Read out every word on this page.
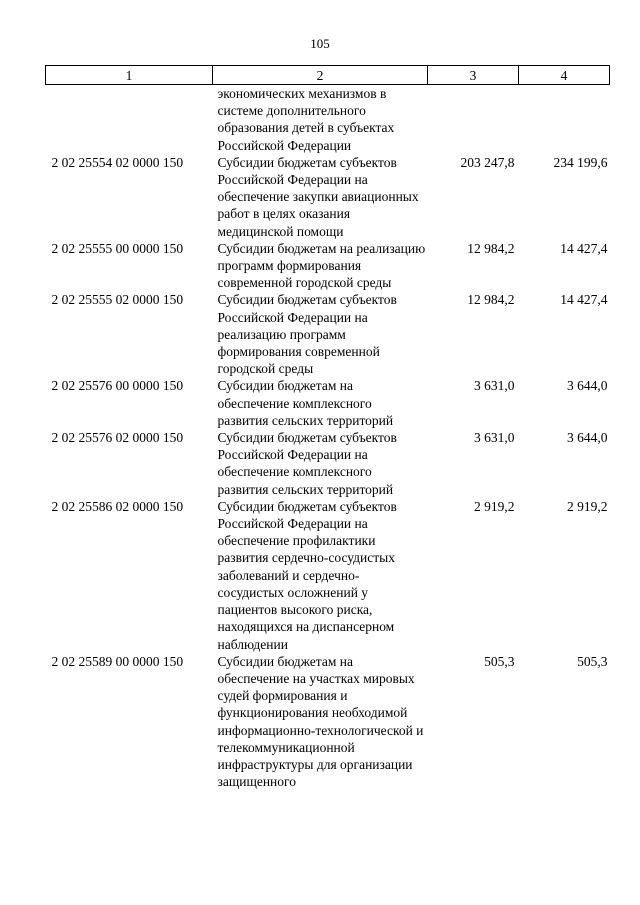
105
1	2	3	4
	экономических механизмов в системе дополнительного образования детей в субъектах Российской Федерации		
2 02 25554 02 0000 150	Субсидии бюджетам субъектов Российской Федерации на обеспечение закупки авиационных работ в целях оказания медицинской помощи	203 247,8	234 199,6
2 02 25555 00 0000 150	Субсидии бюджетам на реализацию программ формирования современной городской среды	12 984,2	14 427,4
2 02 25555 02 0000 150	Субсидии бюджетам субъектов Российской Федерации на реализацию программ формирования современной городской среды	12 984,2	14 427,4
2 02 25576 00 0000 150	Субсидии бюджетам на обеспечение комплексного развития сельских территорий	3 631,0	3 644,0
2 02 25576 02 0000 150	Субсидии бюджетам субъектов Российской Федерации на обеспечение комплексного развития сельских территорий	3 631,0	3 644,0
2 02 25586 02 0000 150	Субсидии бюджетам субъектов Российской Федерации на обеспечение профилактики развития сердечно-сосудистых заболеваний и сердечно-сосудистых осложнений у пациентов высокого риска, находящихся на диспансерном наблюдении	2 919,2	2 919,2
2 02 25589 00 0000 150	Субсидии бюджетам на обеспечение на участках мировых судей формирования и функционирования необходимой информационно-технологической и телекоммуникационной инфраструктуры для организации защищенного	505,3	505,3
